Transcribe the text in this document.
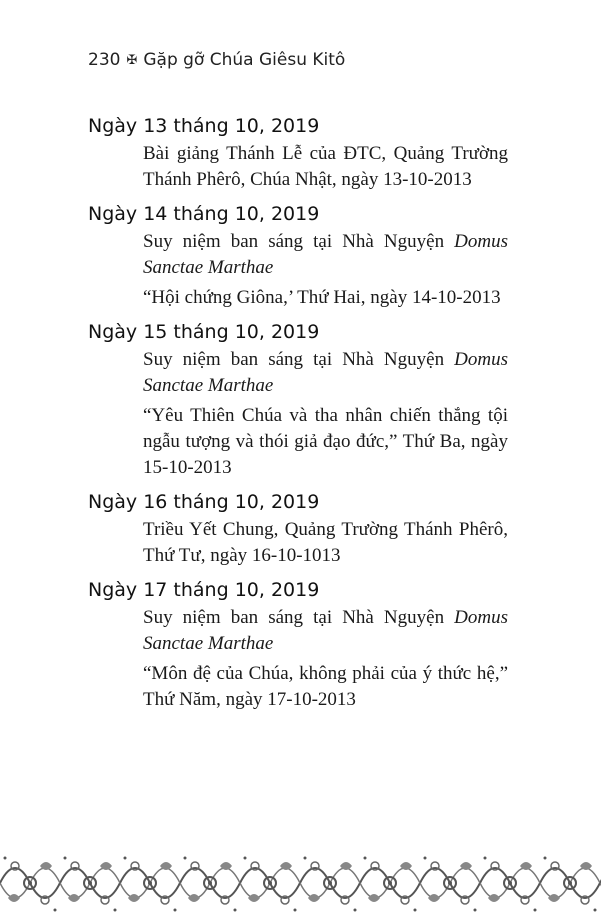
230 ✠ Gặp gỡ Chúa Giêsu Kitô
Ngày 13 tháng 10, 2019
Bài giảng Thánh Lễ của ĐTC, Quảng Trường Thánh Phêrô, Chúa Nhật, ngày 13-10-2013
Ngày 14 tháng 10, 2019
Suy niệm ban sáng tại Nhà Nguyện Domus Sanctae Marthae
“Hội chứng Giôna,’ Thứ Hai, ngày 14-10-2013
Ngày 15 tháng 10, 2019
Suy niệm ban sáng tại Nhà Nguyện Domus Sanctae Marthae
“Yêu Thiên Chúa và tha nhân chiến thắng tội ngẫu tượng và thói giả đạo đức,” Thứ Ba, ngày 15-10-2013
Ngày 16 tháng 10, 2019
Triều Yết Chung, Quảng Trường Thánh Phêrô, Thứ Tư, ngày 16-10-1013
Ngày 17 tháng 10, 2019
Suy niệm ban sáng tại Nhà Nguyện Domus Sanctae Marthae
“Môn đệ của Chúa, không phải của ý thức hệ,” Thứ Năm, ngày 17-10-2013
